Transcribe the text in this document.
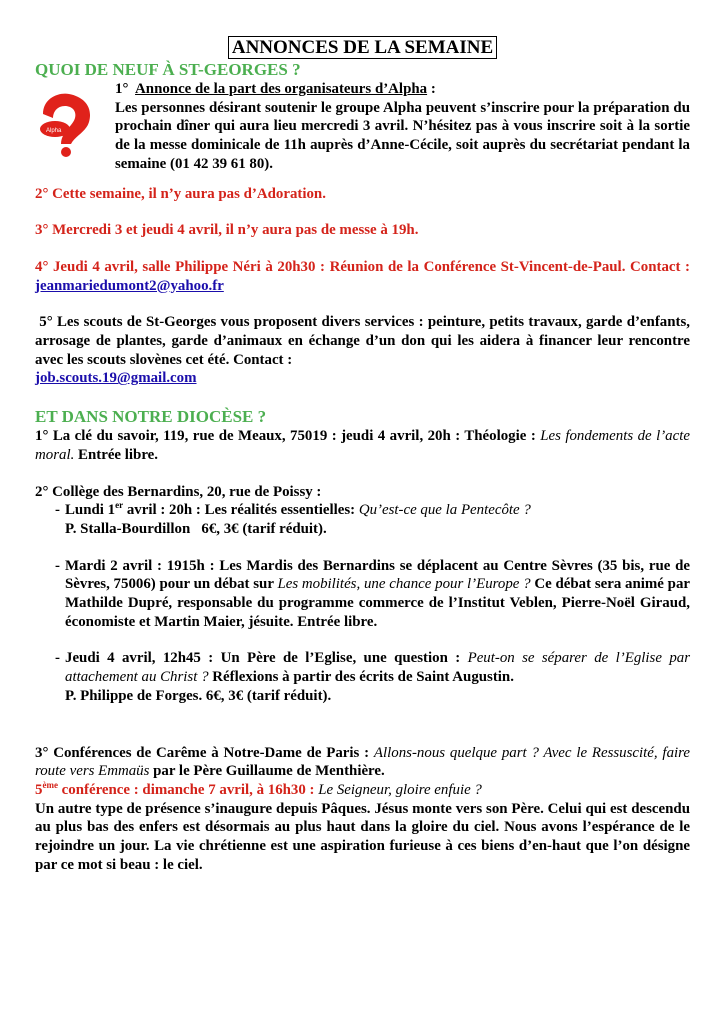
ANNONCES DE LA SEMAINE
QUOI DE NEUF À ST-GEORGES ?
Alpha
1° Annonce de la part des organisateurs d’Alpha :
Les personnes désirant soutenir le groupe Alpha peuvent s’inscrire pour la préparation du prochain dîner qui aura lieu mercredi 3 avril. N’hésitez pas à vous inscrire soit à la sortie de la messe dominicale de 11h auprès d’Anne-Cécile, soit auprès du secrétariat pendant la semaine (01 42 39 61 80).
2° Cette semaine, il n’y aura pas d’Adoration.
3° Mercredi 3 et jeudi 4 avril, il n’y aura pas de messe à 19h.
4° Jeudi 4 avril, salle Philippe Néri à 20h30 : Réunion de la Conférence St-Vincent-de-Paul. Contact : jeanmariedumont2@yahoo.fr
5° Les scouts de St-Georges vous proposent divers services : peinture, petits travaux, garde d’enfants, arrosage de plantes, garde d’animaux en échange d’un don qui les aidera à financer leur rencontre avec les scouts slovènes cet été. Contact :
job.scouts.19@gmail.com
ET DANS NOTRE DIOCÈSE ?
1° La clé du savoir, 119, rue de Meaux, 75019 : jeudi 4 avril, 20h : Théologie : Les fondements de l’acte moral. Entrée libre.
2° Collège des Bernardins, 20, rue de Poissy :
- Lundi 1er avril : 20h : Les réalités essentielles: Qu’est-ce que la Pentecôte ?
P. Stalla-Bourdillon   6€, 3€ (tarif réduit).
- Mardi 2 avril : 1915h : Les Mardis des Bernardins se déplacent au Centre Sèvres (35 bis, rue de Sèvres, 75006) pour un débat sur Les mobilités, une chance pour l’Europe ? Ce débat sera animé par Mathilde Dupré, responsable du programme commerce de l’Institut Veblen, Pierre-Noël Giraud, économiste et Martin Maier, jésuite. Entrée libre.
- Jeudi 4 avril, 12h45 : Un Père de l’Eglise, une question : Peut-on se séparer de l’Eglise par attachement au Christ ? Réflexions à partir des écrits de Saint Augustin.
P. Philippe de Forges. 6€, 3€ (tarif réduit).
3° Conférences de Carême à Notre-Dame de Paris : Allons-nous quelque part ? Avec le Ressuscité, faire route vers Emmaüs par le Père Guillaume de Menthière.
5ème conférence : dimanche 7 avril, à 16h30 : Le Seigneur, gloire enfuie ?
Un autre type de présence s’inaugure depuis Pâques. Jésus monte vers son Père. Celui qui est descendu au plus bas des enfers est désormais au plus haut dans la gloire du ciel. Nous avons l’espérance de le rejoindre un jour. La vie chrétienne est une aspiration furieuse à ces biens d’en-haut que l’on désigne par ce mot si beau : le ciel.
